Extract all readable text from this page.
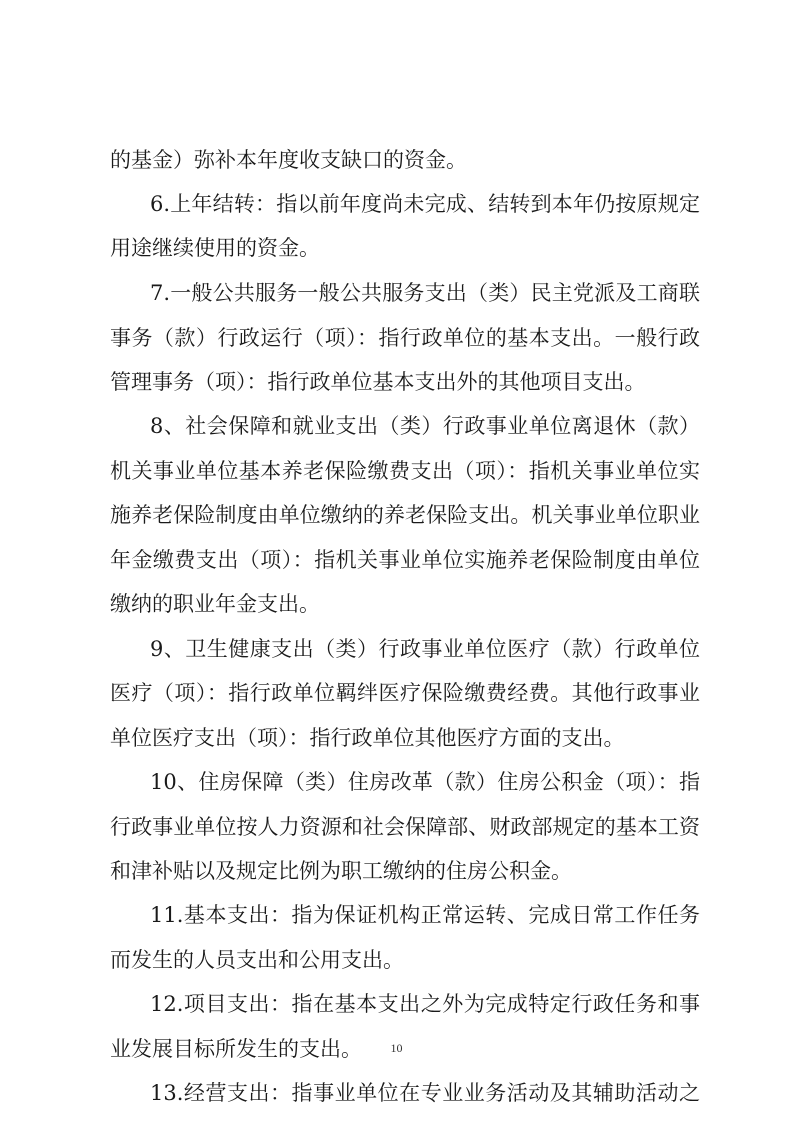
的基金）弥补本年度收支缺口的资金。
6.上年结转：指以前年度尚未完成、结转到本年仍按原规定
用途继续使用的资金。
7.一般公共服务一般公共服务支出（类）民主党派及工商联
事务（款）行政运行（项）：指行政单位的基本支出。一般行政
管理事务（项）：指行政单位基本支出外的其他项目支出。
8、社会保障和就业支出（类）行政事业单位离退休（款）
机关事业单位基本养老保险缴费支出（项）：指机关事业单位实
施养老保险制度由单位缴纳的养老保险支出。机关事业单位职业
年金缴费支出（项）：指机关事业单位实施养老保险制度由单位
缴纳的职业年金支出。
9、卫生健康支出（类）行政事业单位医疗（款）行政单位
医疗（项）：指行政单位羁绊医疗保险缴费经费。其他行政事业
单位医疗支出（项）：指行政单位其他医疗方面的支出。
10、住房保障（类）住房改革（款）住房公积金（项）：指
行政事业单位按人力资源和社会保障部、财政部规定的基本工资
和津补贴以及规定比例为职工缴纳的住房公积金。
11.基本支出：指为保证机构正常运转、完成日常工作任务
而发生的人员支出和公用支出。
12.项目支出：指在基本支出之外为完成特定行政任务和事
业发展目标所发生的支出。
13.经营支出：指事业单位在专业业务活动及其辅助活动之
10
